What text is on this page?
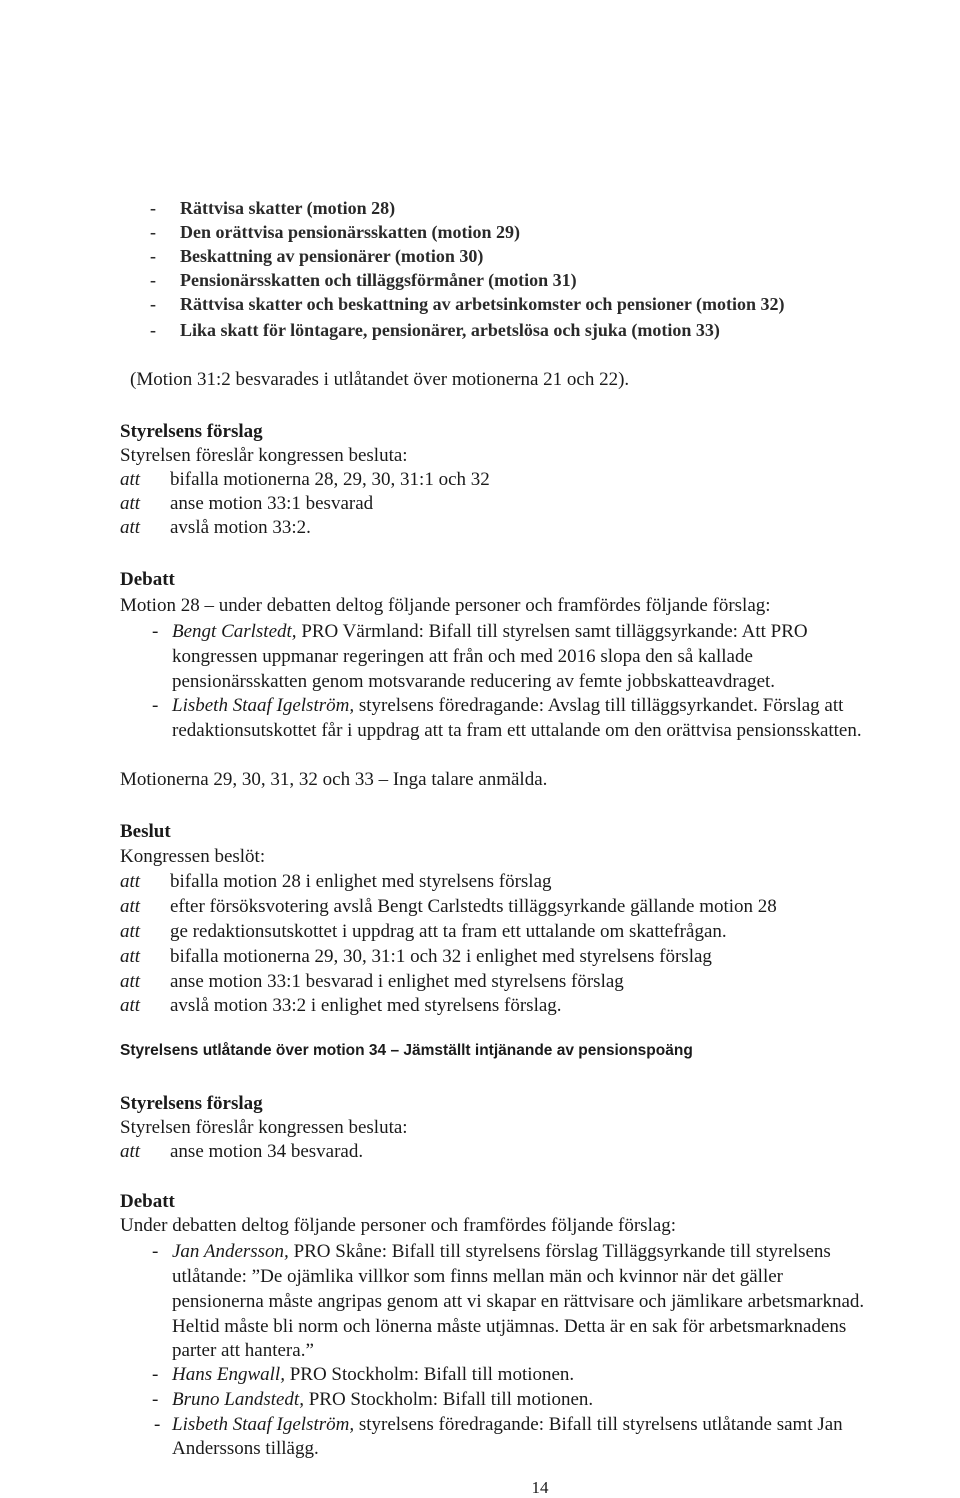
- Rättvisa skatter (motion 28)
- Den orättvisa pensionärsskatten (motion 29)
- Beskattning av pensionärer (motion 30)
- Pensionärsskatten och tilläggsförmåner (motion 31)
- Rättvisa skatter och beskattning av arbetsinkomster och pensioner (motion 32)
- Lika skatt för löntagare, pensionärer, arbetslösa och sjuka (motion 33)
(Motion 31:2 besvarades i utlåtandet över motionerna 21 och 22).
Styrelsens förslag
Styrelsen föreslår kongressen besluta:
att bifalla motionerna 28, 29, 30, 31:1 och 32
att anse motion 33:1 besvarad
att avslå motion 33:2.
Debatt
Motion 28 – under debatten deltog följande personer och framfördes följande förslag:
- Bengt Carlstedt, PRO Värmland: Bifall till styrelsen samt tilläggsyrkande: Att PRO
kongressen uppmanar regeringen att från och med 2016 slopa den så kallade
pensionärsskatten genom motsvarande reducering av femte jobbskatteavdraget.
- Lisbeth Staaf Igelström, styrelsens föredragande: Avslag till tilläggsyrkandet. Förslag att
redaktionsutskottet får i uppdrag att ta fram ett uttalande om den orättvisa pensionsskatten.
Motionerna 29, 30, 31, 32 och 33 – Inga talare anmälda.
Beslut
Kongressen beslöt:
att bifalla motion 28 i enlighet med styrelsens förslag
att efter försöksvotering avslå Bengt Carlstedts tilläggsyrkande gällande motion 28
att ge redaktionsutskottet i uppdrag att ta fram ett uttalande om skattefrågan.
att bifalla motionerna 29, 30, 31:1 och 32 i enlighet med styrelsens förslag
att anse motion 33:1 besvarad i enlighet med styrelsens förslag
att avslå motion 33:2 i enlighet med styrelsens förslag.
Styrelsens utlåtande över motion 34 – Jämställt intjänande av pensionspoäng
Styrelsens förslag
Styrelsen föreslår kongressen besluta:
att anse motion 34 besvarad.
Debatt
Under debatten deltog följande personer och framfördes följande förslag:
- Jan Andersson, PRO Skåne: Bifall till styrelsens förslag Tilläggsyrkande till styrelsens
utlåtande: ”De ojämlika villkor som finns mellan män och kvinnor när det gäller
pensionerna måste angripas genom att vi skapar en rättvisare och jämlikare arbetsmarknad.
Heltid måste bli norm och lönerna måste utjämnas. Detta är en sak för arbetsmarknadens
parter att hantera.”
- Hans Engwall, PRO Stockholm: Bifall till motionen.
- Bruno Landstedt, PRO Stockholm: Bifall till motionen.
- Lisbeth Staaf Igelström, styrelsens föredragande: Bifall till styrelsens utlåtande samt Jan
Anderssons tillägg.
14
